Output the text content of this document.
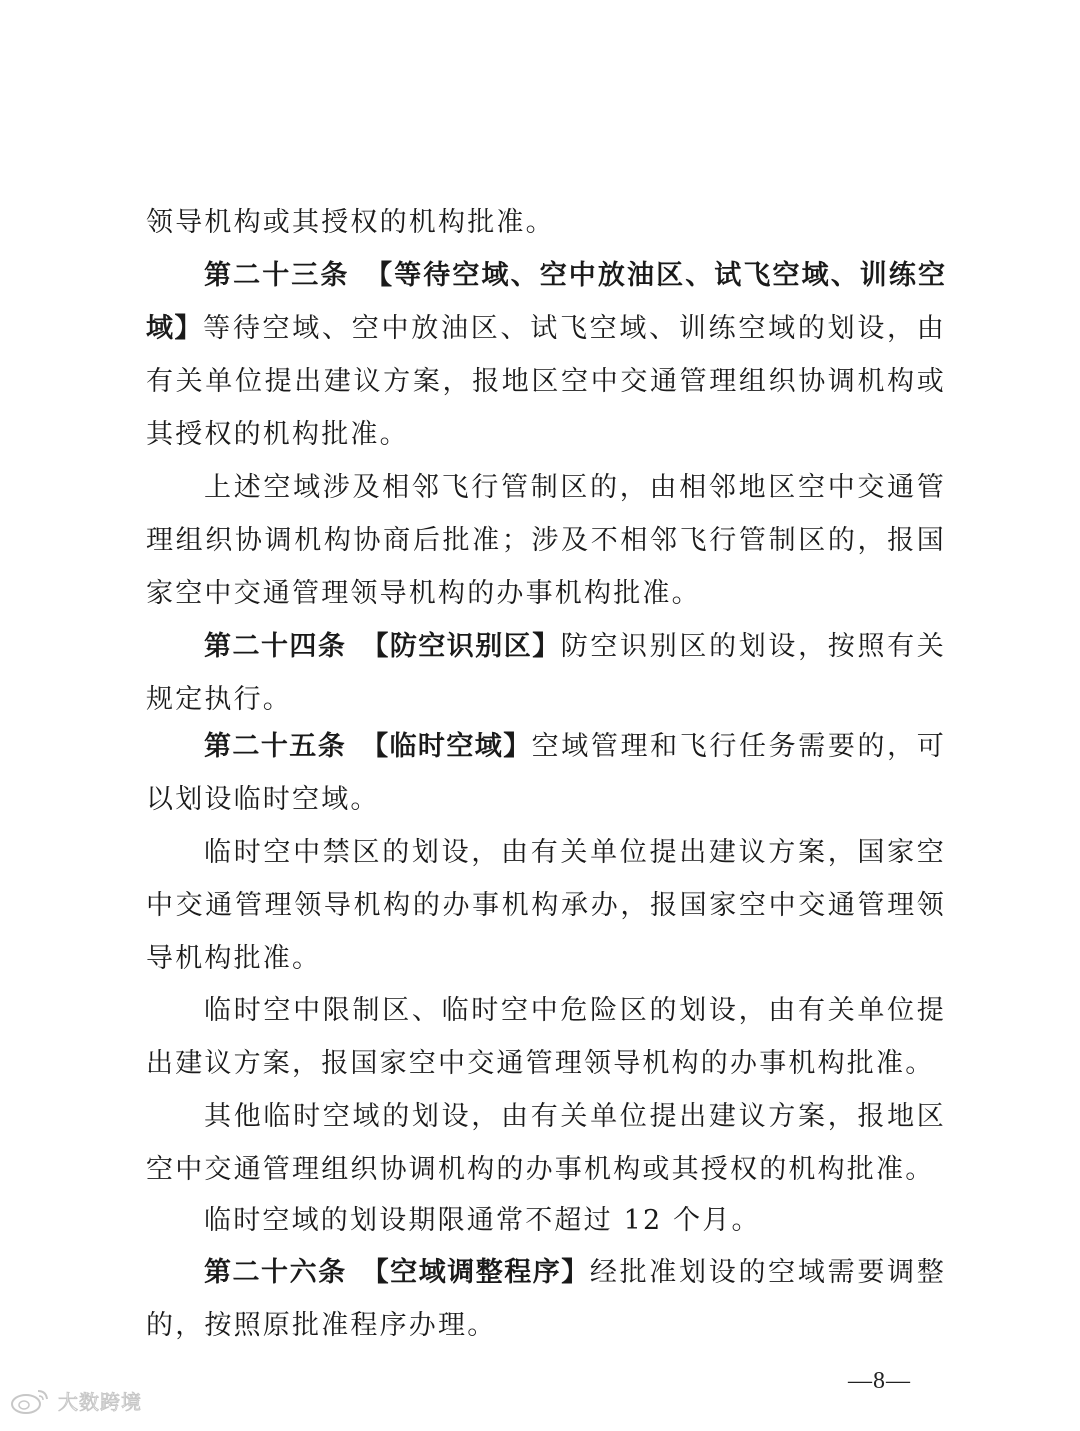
领导机构或其授权的机构批准。

第二十三条　【等待空域、空中放油区、试飞空域、训练空域】等待空域、空中放油区、试飞空域、训练空域的划设，由有关单位提出建议方案，报地区空中交通管理组织协调机构或其授权的机构批准。

上述空域涉及相邻飞行管制区的，由相邻地区空中交通管理组织协调机构协商后批准；涉及不相邻飞行管制区的，报国家空中交通管理领导机构的办事机构批准。

第二十四条　【防空识别区】防空识别区的划设，按照有关规定执行。

第二十五条　【临时空域】空域管理和飞行任务需要的，可以划设临时空域。

临时空中禁区的划设，由有关单位提出建议方案，国家空中交通管理领导机构的办事机构承办，报国家空中交通管理领导机构批准。

临时空中限制区、临时空中危险区的划设，由有关单位提出建议方案，报国家空中交通管理领导机构的办事机构批准。

其他临时空域的划设，由有关单位提出建议方案，报地区空中交通管理组织协调机构的办事机构或其授权的机构批准。

临时空域的划设期限通常不超过 12 个月。

第二十六条　【空域调整程序】经批准划设的空域需要调整的，按照原批准程序办理。

—8—
大数跨境
